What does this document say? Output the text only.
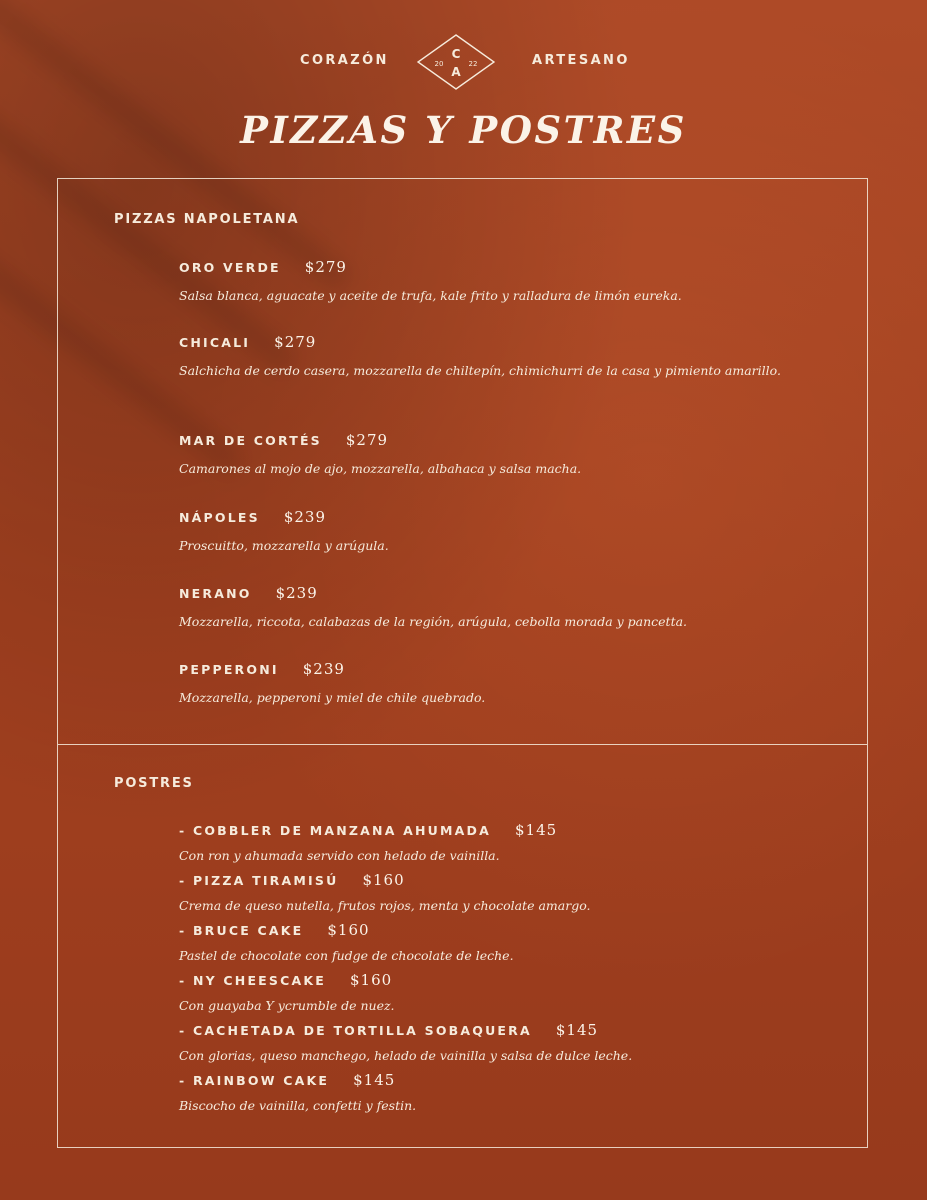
CORAZÓN	C
A
20	22	ARTESANO
PIZZAS Y POSTRES
PIZZAS NAPOLETANA
ORO VERDE $279
Salsa blanca, aguacate y aceite de trufa, kale frito y ralladura de limón eureka.
CHICALI $279
Salchicha de cerdo casera, mozzarella de chiltepín, chimichurri de la casa y pimiento amarillo.
MAR DE CORTÉS $279
Camarones al mojo de ajo, mozzarella, albahaca y salsa macha.
NÁPOLES $239
Proscuitto, mozzarella y arúgula.
NERANO $239
Mozzarella, riccota, calabazas de la región, arúgula, cebolla morada y pancetta.
PEPPERONI $239
Mozzarella, pepperoni y miel de chile quebrado.
POSTRES
- COBBLER DE MANZANA AHUMADA $145
Con ron y ahumada servido con helado de vainilla.
- PIZZA TIRAMISÚ $160
Crema de queso nutella, frutos rojos, menta y chocolate amargo.
- BRUCE CAKE $160
Pastel de chocolate con fudge de chocolate de leche.
- NY CHEESCAKE $160
Con guayaba Y ycrumble de nuez.
- CACHETADA DE TORTILLA SOBAQUERA $145
Con glorias, queso manchego, helado de vainilla y salsa de dulce leche.
- RAINBOW CAKE $145
Biscocho de vainilla, confetti y festin.
